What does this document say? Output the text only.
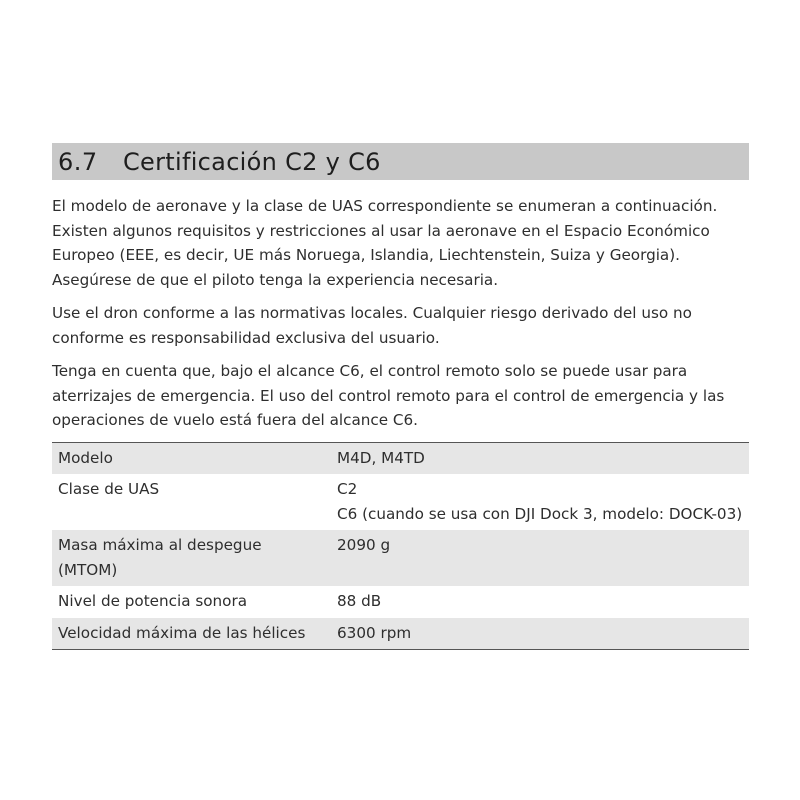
6.7	Certificación C2 y C6

El modelo de aeronave y la clase de UAS correspondiente se enumeran a continuación. Existen algunos requisitos y restricciones al usar la aeronave en el Espacio Económico Europeo (EEE, es decir, UE más Noruega, Islandia, Liechtenstein, Suiza y Georgia). Asegúrese de que el piloto tenga la experiencia necesaria.

Use el dron conforme a las normativas locales. Cualquier riesgo derivado del uso no conforme es responsabilidad exclusiva del usuario.

Tenga en cuenta que, bajo el alcance C6, el control remoto solo se puede usar para aterrizajes de emergencia. El uso del control remoto para el control de emergencia y las operaciones de vuelo está fuera del alcance C6.

Modelo	M4D, M4TD

Clase de UAS	C2
C6 (cuando se usa con DJI Dock 3, modelo: DOCK-03)

Masa máxima al despegue (MTOM)	2090 g

Nivel de potencia sonora	88 dB

Velocidad máxima de las hélices	6300 rpm
